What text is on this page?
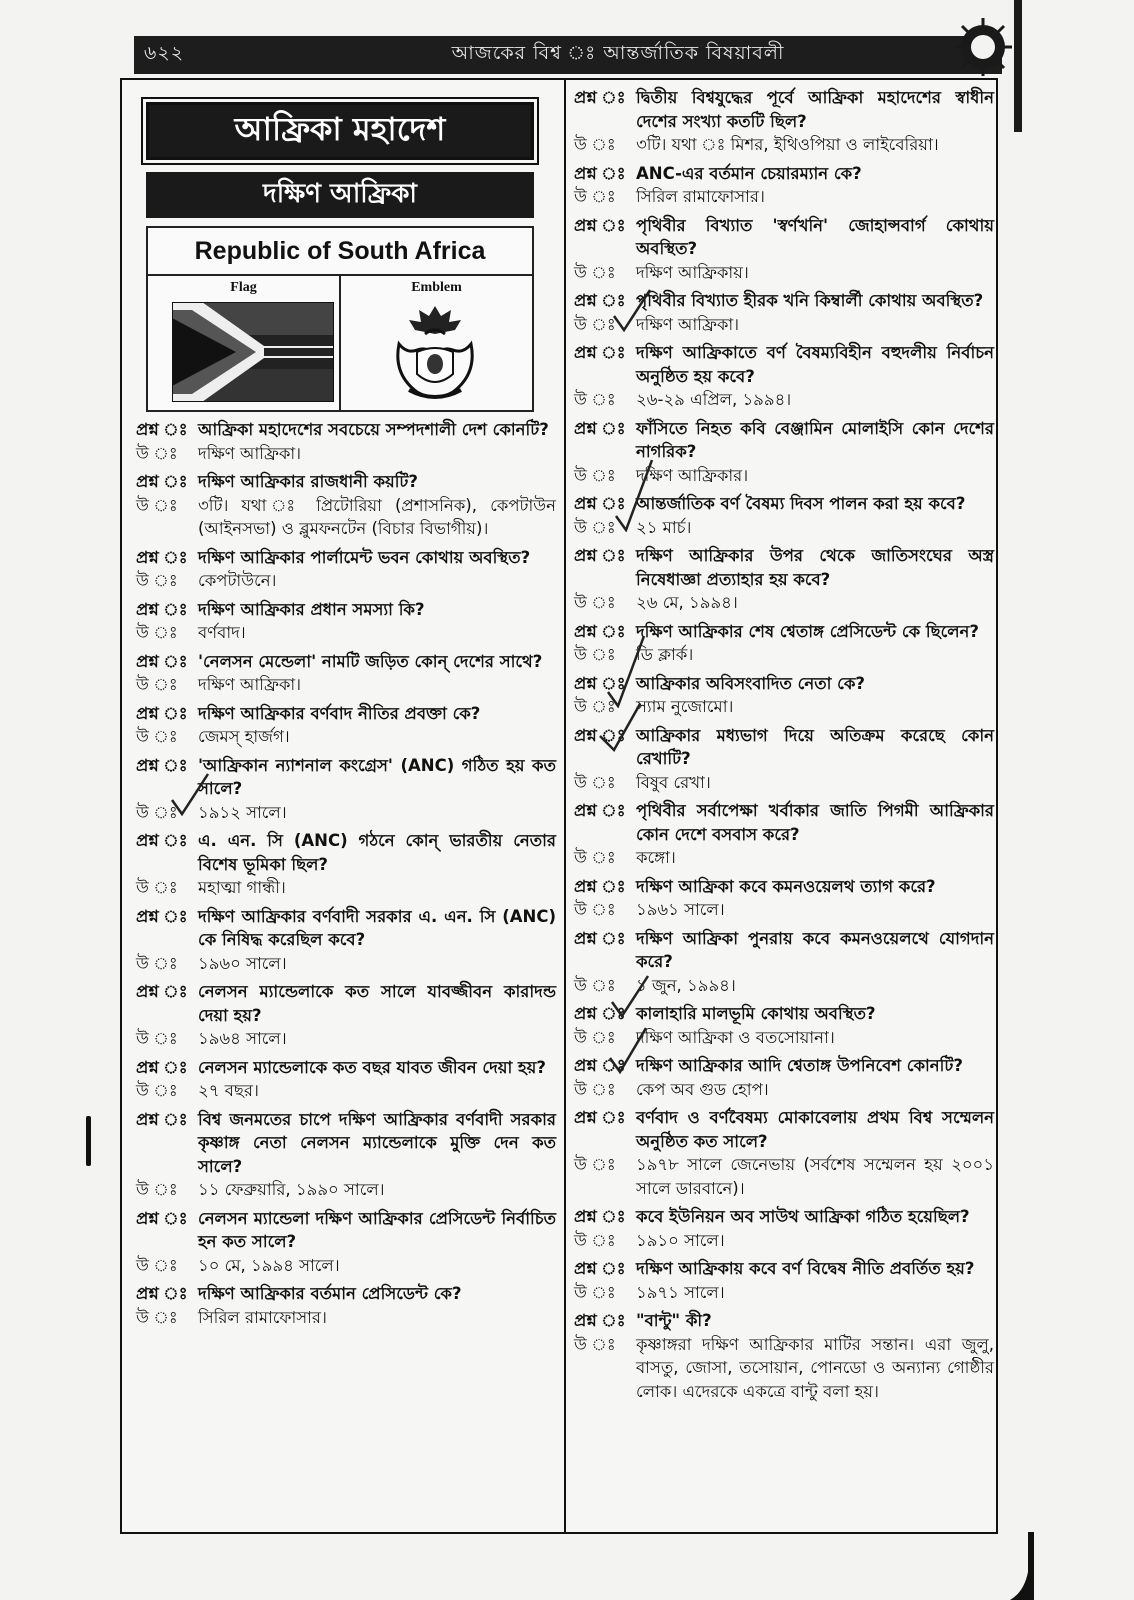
৬২২	আজকের বিশ্ব ঃ আন্তর্জাতিক বিষয়াবলী
আফ্রিকা মহাদেশ
দক্ষিণ আফ্রিকা
Republic of South Africa
Flag	Emblem
প্রশ্ন ঃ আফ্রিকা মহাদেশের সবচেয়ে সম্পদশালী দেশ কোনটি?
উ ঃ	দক্ষিণ আফ্রিকা।
প্রশ্ন ঃ দক্ষিণ আফ্রিকার রাজধানী কয়টি?
উ ঃ	৩টি। যথা ঃ প্রিটোরিয়া (প্রশাসনিক), কেপটাউন (আইনসভা) ও ব্লুমফনটেন (বিচার বিভাগীয়)।
প্রশ্ন ঃ দক্ষিণ আফ্রিকার পার্লামেন্ট ভবন কোথায় অবস্থিত?
উ ঃ	কেপটাউনে।
প্রশ্ন ঃ দক্ষিণ আফ্রিকার প্রধান সমস্যা কি?
উ ঃ	বর্ণবাদ।
প্রশ্ন ঃ 'নেলসন মেন্ডেলা' নামটি জড়িত কোন্ দেশের সাথে?
উ ঃ	দক্ষিণ আফ্রিকা।
প্রশ্ন ঃ দক্ষিণ আফ্রিকার বর্ণবাদ নীতির প্রবক্তা কে?
উ ঃ	জেমস্ হার্জগ।
প্রশ্ন ঃ 'আফ্রিকান ন্যাশনাল কংগ্রেস' (ANC) গঠিত হয় কত সালে?
উ ঃ	১৯১২ সালে।
প্রশ্ন ঃ এ. এন. সি (ANC) গঠনে কোন্ ভারতীয় নেতার বিশেষ ভূমিকা ছিল?
উ ঃ	মহাত্মা গান্ধী।
প্রশ্ন ঃ দক্ষিণ আফ্রিকার বর্ণবাদী সরকার এ. এন. সি (ANC) কে নিষিদ্ধ করেছিল কবে?
উ ঃ	১৯৬০ সালে।
প্রশ্ন ঃ নেলসন ম্যান্ডেলাকে কত সালে যাবজ্জীবন কারাদন্ড দেয়া হয়?
উ ঃ	১৯৬৪ সালে।
প্রশ্ন ঃ নেলসন ম্যান্ডেলাকে কত বছর যাবত জীবন দেয়া হয়?
উ ঃ	২৭ বছর।
প্রশ্ন ঃ বিশ্ব জনমতের চাপে দক্ষিণ আফ্রিকার বর্ণবাদী সরকার কৃষ্ণাঙ্গ নেতা নেলসন ম্যান্ডেলাকে মুক্তি দেন কত সালে?
উ ঃ	১১ ফেব্রুয়ারি, ১৯৯০ সালে।
প্রশ্ন ঃ নেলসন ম্যান্ডেলা দক্ষিণ আফ্রিকার প্রেসিডেন্ট নির্বাচিত হন কত সালে?
উ ঃ	১০ মে, ১৯৯৪ সালে।
প্রশ্ন ঃ দক্ষিণ আফ্রিকার বর্তমান প্রেসিডেন্ট কে?
উ ঃ	সিরিল রামাফোসার।
প্রশ্ন ঃ দ্বিতীয় বিশ্বযুদ্ধের পূর্বে আফ্রিকা মহাদেশের স্বাধীন দেশের সংখ্যা কতটি ছিল?
উ ঃ	৩টি। যথা ঃ মিশর, ইথিওপিয়া ও লাইবেরিয়া।
প্রশ্ন ঃ ANC-এর বর্তমান চেয়ারম্যান কে?
উ ঃ	সিরিল রামাফোসার।
প্রশ্ন ঃ পৃথিবীর বিখ্যাত 'স্বর্ণখনি' জোহান্সবার্গ কোথায় অবস্থিত?
উ ঃ	দক্ষিণ আফ্রিকায়।
প্রশ্ন ঃ পৃথিবীর বিখ্যাত হীরক খনি কিম্বার্লী কোথায় অবস্থিত?
উ ঃ	দক্ষিণ আফ্রিকা।
প্রশ্ন ঃ দক্ষিণ আফ্রিকাতে বর্ণ বৈষম্যবিহীন বহুদলীয় নির্বাচন অনুষ্ঠিত হয় কবে?
উ ঃ	২৬-২৯ এপ্রিল, ১৯৯৪।
প্রশ্ন ঃ ফাঁসিতে নিহত কবি বেঞ্জামিন মোলাইসি কোন দেশের নাগরিক?
উ ঃ	দক্ষিণ আফ্রিকার।
প্রশ্ন ঃ আন্তর্জাতিক বর্ণ বৈষম্য দিবস পালন করা হয় কবে?
উ ঃ	২১ মার্চ।
প্রশ্ন ঃ দক্ষিণ আফ্রিকার উপর থেকে জাতিসংঘের অস্ত্র নিষেধাজ্ঞা প্রত্যাহার হয় কবে?
উ ঃ	২৬ মে, ১৯৯৪।
প্রশ্ন ঃ দক্ষিণ আফ্রিকার শেষ শ্বেতাঙ্গ প্রেসিডেন্ট কে ছিলেন?
উ ঃ	ডি ক্লার্ক।
প্রশ্ন ঃ আফ্রিকার অবিসংবাদিত নেতা কে?
উ ঃ	স্যাম নুজোমো।
প্রশ্ন ঃ আফ্রিকার মধ্যভাগ দিয়ে অতিক্রম করেছে কোন রেখাটি?
উ ঃ	বিষুব রেখা।
প্রশ্ন ঃ পৃথিবীর সর্বাপেক্ষা খর্বাকার জাতি পিগমী আফ্রিকার কোন দেশে বসবাস করে?
উ ঃ	কঙ্গো।
প্রশ্ন ঃ দক্ষিণ আফ্রিকা কবে কমনওয়েলথ ত্যাগ করে?
উ ঃ	১৯৬১ সালে।
প্রশ্ন ঃ দক্ষিণ আফ্রিকা পুনরায় কবে কমনওয়েলথে যোগদান করে?
উ ঃ	১ জুন, ১৯৯৪।
প্রশ্ন ঃ কালাহারি মালভূমি কোথায় অবস্থিত?
উ ঃ	দক্ষিণ আফ্রিকা ও বতসোয়ানা।
প্রশ্ন ঃ দক্ষিণ আফ্রিকার আদি শ্বেতাঙ্গ উপনিবেশ কোনটি?
উ ঃ	কেপ অব গুড হোপ।
প্রশ্ন ঃ বর্ণবাদ ও বর্ণবৈষম্য মোকাবেলায় প্রথম বিশ্ব সম্মেলন অনুষ্ঠিত কত সালে?
উ ঃ	১৯৭৮ সালে জেনেভায় (সর্বশেষ সম্মেলন হয় ২০০১ সালে ডারবানে)।
প্রশ্ন ঃ কবে ইউনিয়ন অব সাউথ আফ্রিকা গঠিত হয়েছিল?
উ ঃ	১৯১০ সালে।
প্রশ্ন ঃ দক্ষিণ আফ্রিকায় কবে বর্ণ বিদ্বেষ নীতি প্রবর্তিত হয়?
উ ঃ	১৯৭১ সালে।
প্রশ্ন ঃ "বান্টু" কী?
উ ঃ	কৃষ্ণাঙ্গরা দক্ষিণ আফ্রিকার মাটির সন্তান। এরা জুলু, বাসতু, জোসা, তসোয়ান, পোনডো ও অন্যান্য গোষ্ঠীর লোক। এদেরকে একত্রে বান্টু বলা হয়।
